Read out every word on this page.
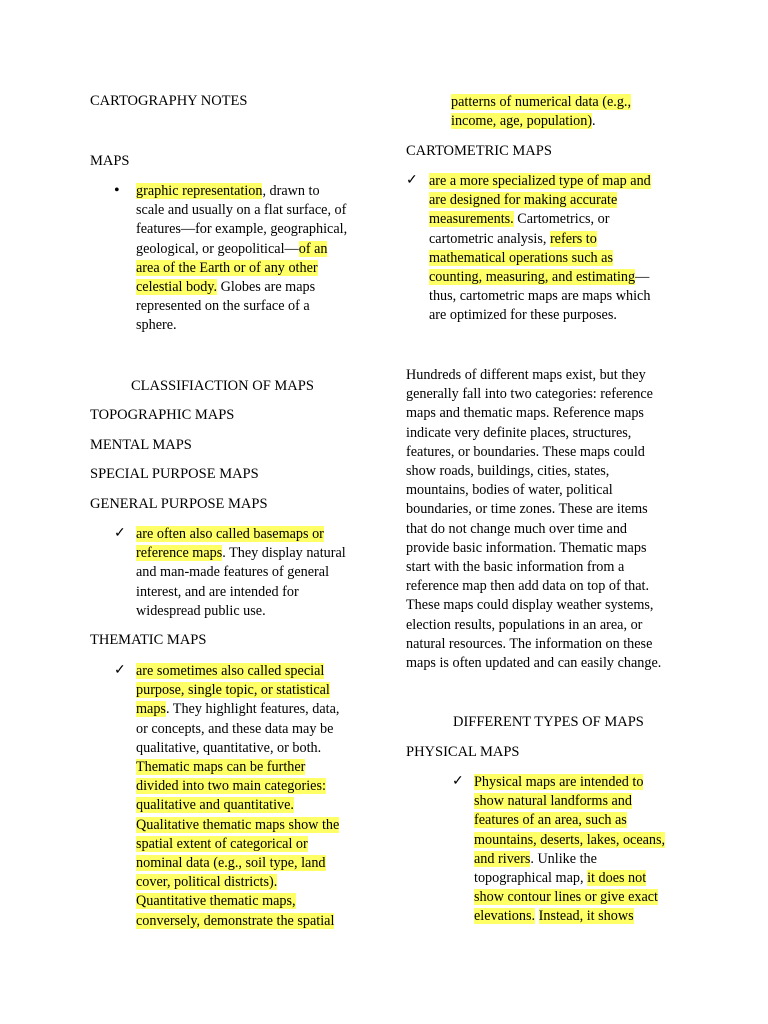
CARTOGRAPHY NOTES
MAPS
• graphic representation, drawn to
scale and usually on a flat surface, of
features—for example, geographical,
geological, or geopolitical—of an
area of the Earth or of any other
celestial body. Globes are maps
represented on the surface of a
sphere.
CLASSIFIACTION OF MAPS
TOPOGRAPHIC MAPS
MENTAL MAPS
SPECIAL PURPOSE MAPS
GENERAL PURPOSE MAPS
✓ are often also called basemaps or
reference maps. They display natural
and man-made features of general
interest, and are intended for
widespread public use.
THEMATIC MAPS
✓ are sometimes also called special
purpose, single topic, or statistical
maps. They highlight features, data,
or concepts, and these data may be
qualitative, quantitative, or both.
Thematic maps can be further
divided into two main categories:
qualitative and quantitative.
Qualitative thematic maps show the
spatial extent of categorical or
nominal data (e.g., soil type, land
cover, political districts).
Quantitative thematic maps,
conversely, demonstrate the spatial
patterns of numerical data (e.g.,
income, age, population).
CARTOMETRIC MAPS
✓ are a more specialized type of map and
are designed for making accurate
measurements. Cartometrics, or
cartometric analysis, refers to
mathematical operations such as
counting, measuring, and estimating—
thus, cartometric maps are maps which
are optimized for these purposes.
Hundreds of different maps exist, but they
generally fall into two categories: reference
maps and thematic maps. Reference maps
indicate very definite places, structures,
features, or boundaries. These maps could
show roads, buildings, cities, states,
mountains, bodies of water, political
boundaries, or time zones. These are items
that do not change much over time and
provide basic information. Thematic maps
start with the basic information from a
reference map then add data on top of that.
These maps could display weather systems,
election results, populations in an area, or
natural resources. The information on these
maps is often updated and can easily change.
DIFFERENT TYPES OF MAPS
PHYSICAL MAPS
✓ Physical maps are intended to
show natural landforms and
features of an area, such as
mountains, deserts, lakes, oceans,
and rivers. Unlike the
topographical map, it does not
show contour lines or give exact
elevations. Instead, it shows
